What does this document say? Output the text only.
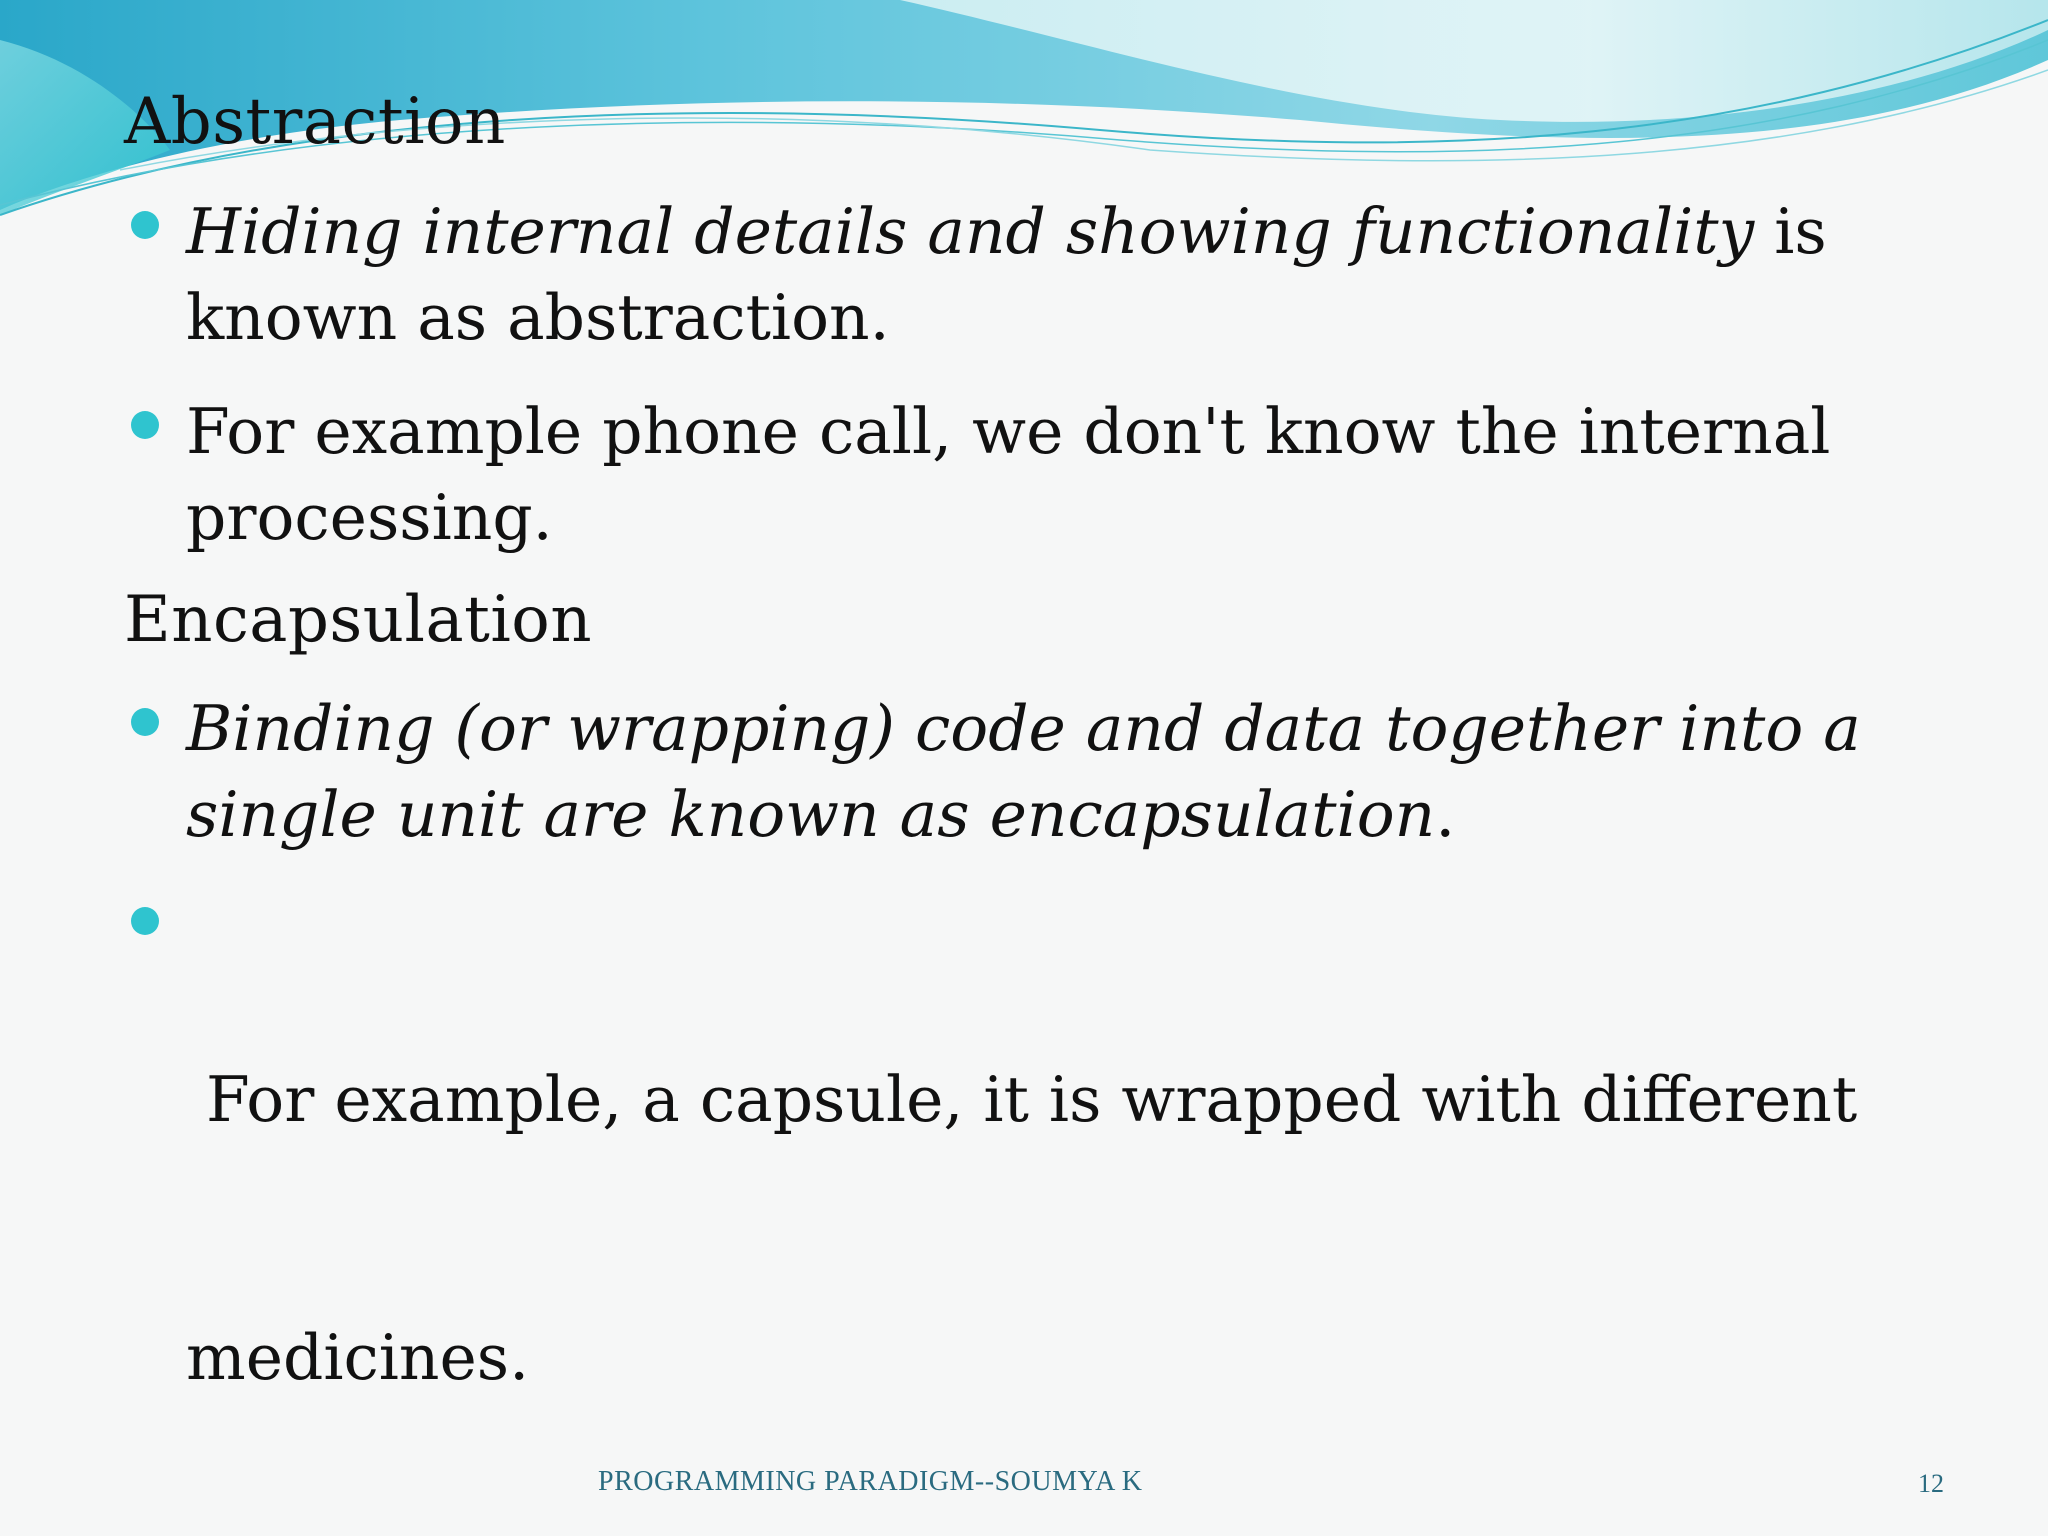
Abstraction
Hiding internal details and showing functionality is
known as abstraction.
For example phone call, we don't know the internal
processing.
Encapsulation
Binding (or wrapping) code and data together into a
single unit are known as encapsulation.

For example, a capsule, it is wrapped with different

medicines.

PROGRAMMING PARADIGM--SOUMYA K	12
